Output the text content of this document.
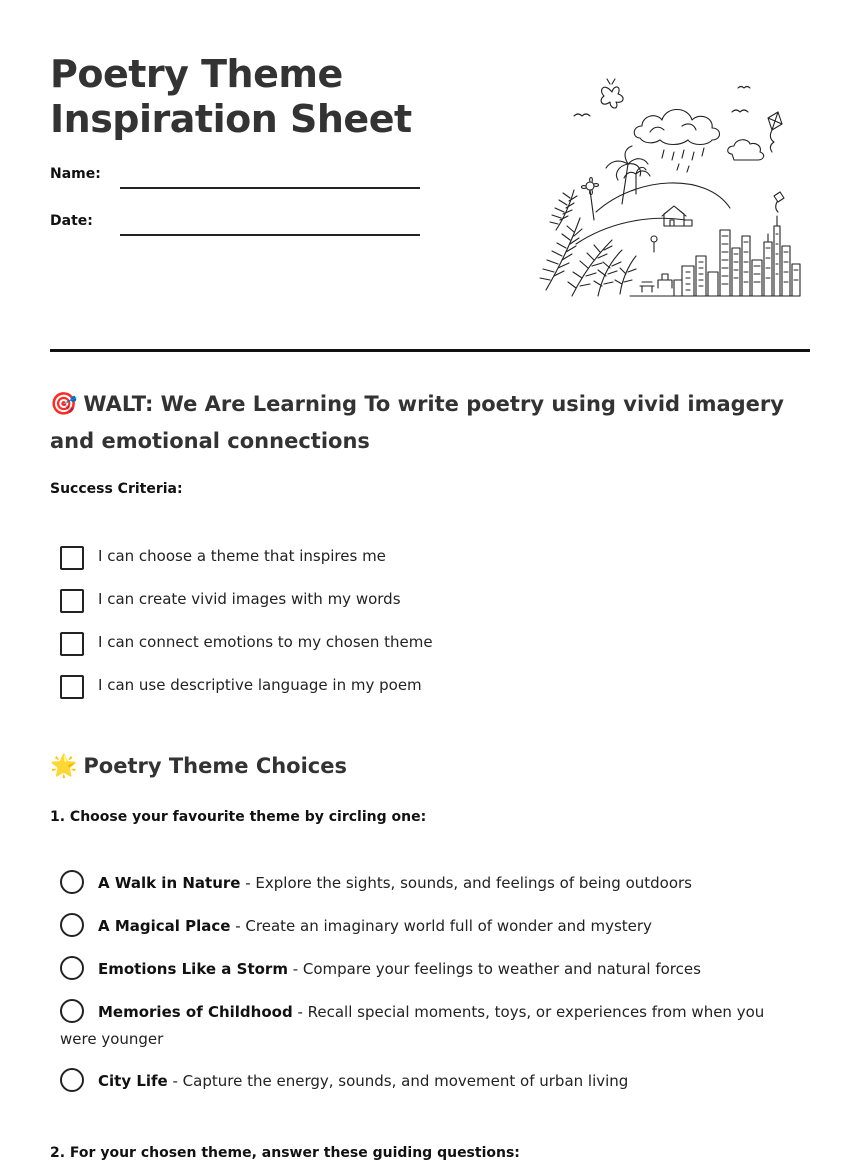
Poetry Theme
Inspiration Sheet
Name:
Date:
🎯 WALT: We Are Learning To write poetry using vivid imagery and emotional connections
Success Criteria:
I can choose a theme that inspires me
I can create vivid images with my words
I can connect emotions to my chosen theme
I can use descriptive language in my poem
🌟 Poetry Theme Choices
1. Choose your favourite theme by circling one:
A Walk in Nature - Explore the sights, sounds, and feelings of being outdoors
A Magical Place - Create an imaginary world full of wonder and mystery
Emotions Like a Storm - Compare your feelings to weather and natural forces
Memories of Childhood - Recall special moments, toys, or experiences from when you were younger
City Life - Capture the energy, sounds, and movement of urban living
2. For your chosen theme, answer these guiding questions:
